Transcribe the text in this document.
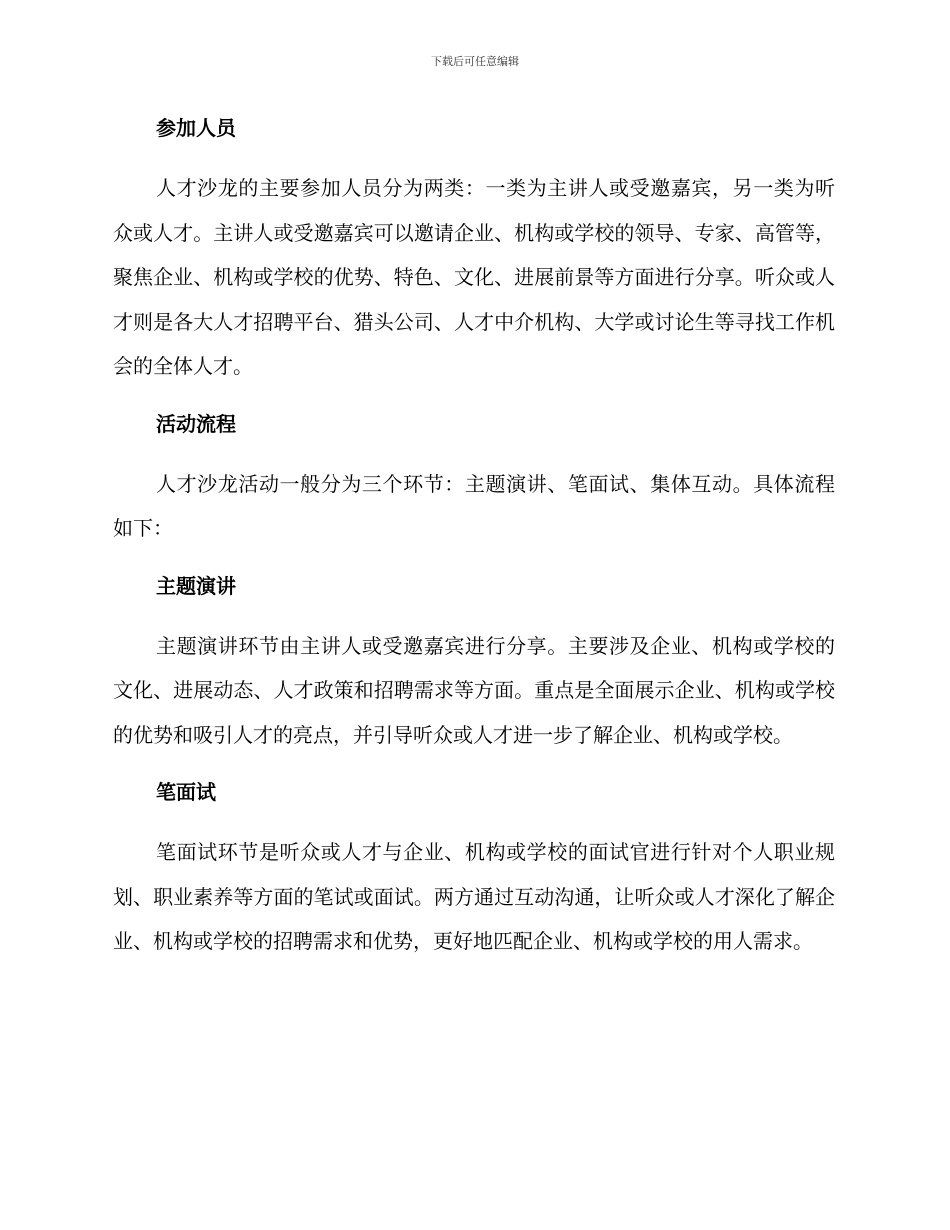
下载后可任意编辑
参加人员

人才沙龙的主要参加人员分为两类：一类为主讲人或受邀嘉宾，另一类为听众或人才。主讲人或受邀嘉宾可以邀请企业、机构或学校的领导、专家、高管等，聚焦企业、机构或学校的优势、特色、文化、进展前景等方面进行分享。听众或人才则是各大人才招聘平台、猎头公司、人才中介机构、大学或讨论生等寻找工作机会的全体人才。

活动流程

人才沙龙活动一般分为三个环节：主题演讲、笔面试、集体互动。具体流程如下：

主题演讲

主题演讲环节由主讲人或受邀嘉宾进行分享。主要涉及企业、机构或学校的文化、进展动态、人才政策和招聘需求等方面。重点是全面展示企业、机构或学校的优势和吸引人才的亮点，并引导听众或人才进一步了解企业、机构或学校。

笔面试

笔面试环节是听众或人才与企业、机构或学校的面试官进行针对个人职业规划、职业素养等方面的笔试或面试。两方通过互动沟通，让听众或人才深化了解企业、机构或学校的招聘需求和优势，更好地匹配企业、机构或学校的用人需求。
